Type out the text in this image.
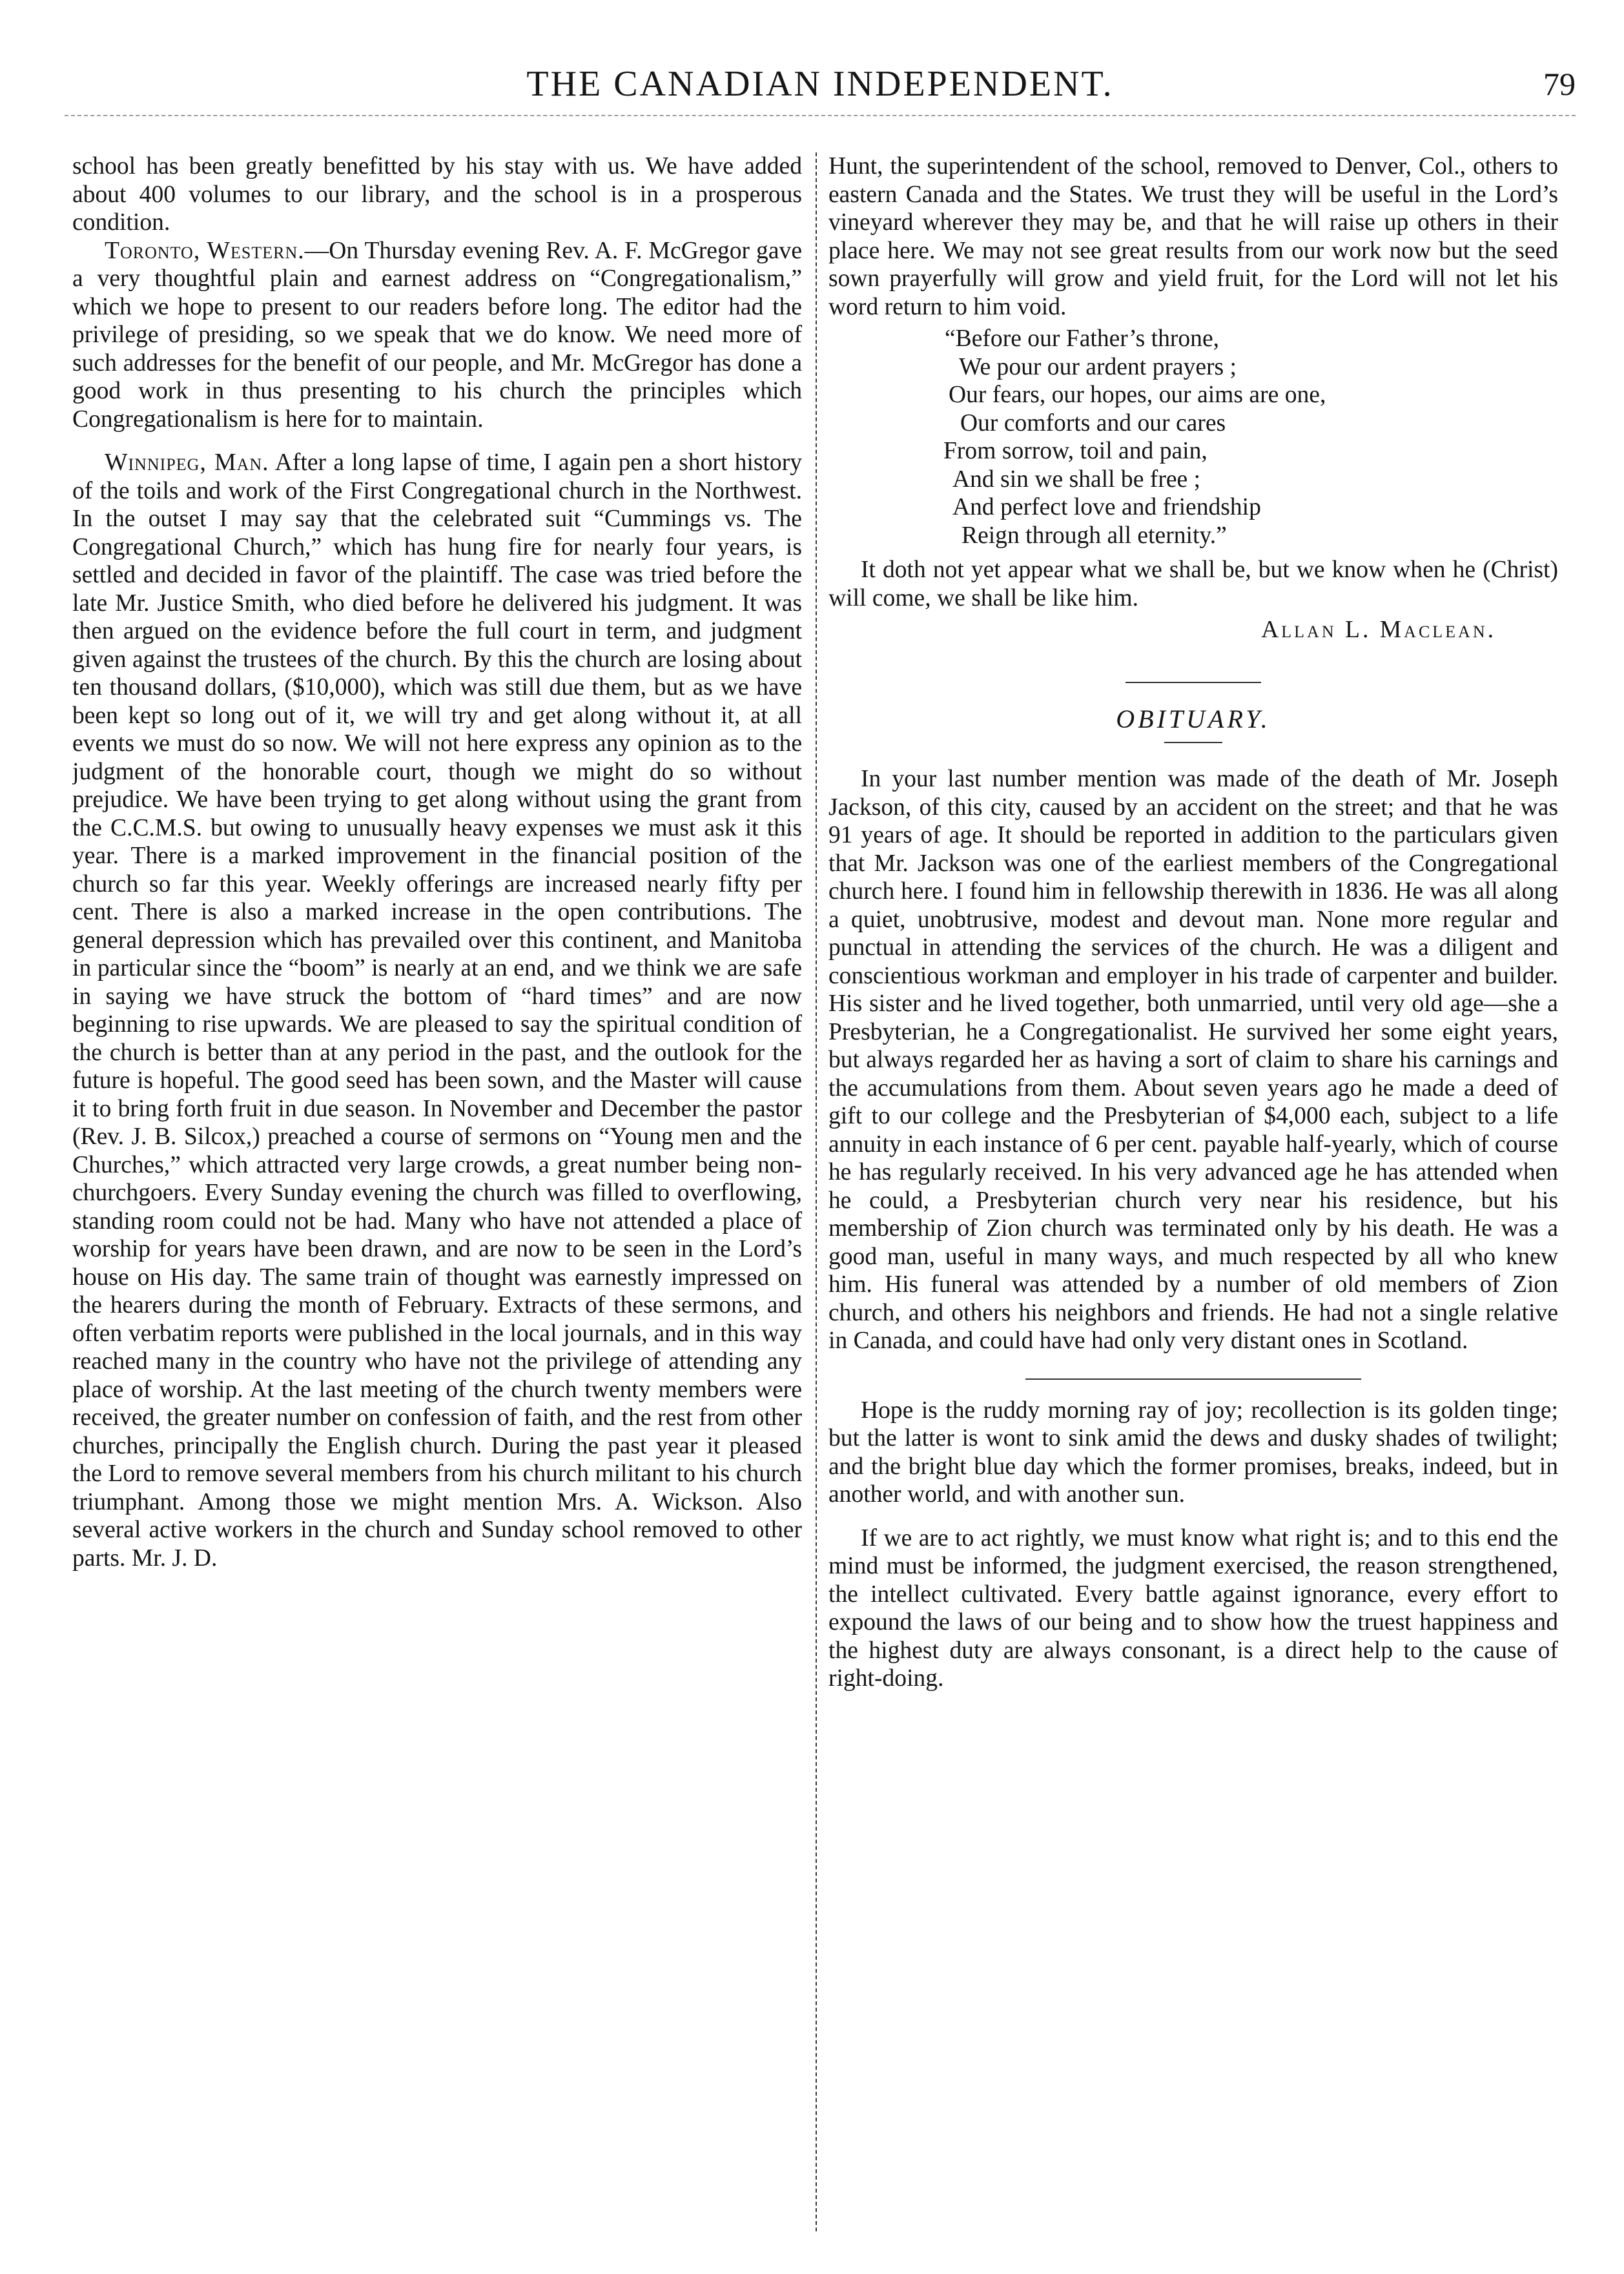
THE CANADIAN INDEPENDENT.	79

school has been greatly benefitted by his stay with us. We have added about 400 volumes to our library, and the school is in a prosperous condition.

Toronto, Western.—On Thursday evening Rev. A. F. McGregor gave a very thoughtful plain and earnest address on “Congregationalism,” which we hope to present to our readers before long. The editor had the privilege of presiding, so we speak that we do know. We need more of such addresses for the benefit of our people, and Mr. McGregor has done a good work in thus presenting to his church the principles which Congregationalism is here for to maintain.

Winnipeg, Man. After a long lapse of time, I again pen a short history of the toils and work of the First Congregational church in the Northwest. In the outset I may say that the celebrated suit “Cummings vs. The Congregational Church,” which has hung fire for nearly four years, is settled and decided in favor of the plaintiff. The case was tried before the late Mr. Justice Smith, who died before he delivered his judgment. It was then argued on the evidence before the full court in term, and judgment given against the trustees of the church. By this the church are losing about ten thousand dollars, ($10,000), which was still due them, but as we have been kept so long out of it, we will try and get along without it, at all events we must do so now. We will not here express any opinion as to the judgment of the honorable court, though we might do so without prejudice. We have been trying to get along without using the grant from the C.C.M.S. but owing to unusually heavy expenses we must ask it this year. There is a marked improvement in the financial position of the church so far this year. Weekly offerings are increased nearly fifty per cent. There is also a marked increase in the open contributions. The general depression which has prevailed over this continent, and Manitoba in particular since the “boom” is nearly at an end, and we think we are safe in saying we have struck the bottom of “hard times” and are now beginning to rise upwards. We are pleased to say the spiritual condition of the church is better than at any period in the past, and the outlook for the future is hopeful. The good seed has been sown, and the Master will cause it to bring forth fruit in due season. In November and December the pastor (Rev. J. B. Silcox,) preached a course of sermons on “Young men and the Churches,” which attracted very large crowds, a great number being non-churchgoers. Every Sunday evening the church was filled to overflowing, standing room could not be had. Many who have not attended a place of worship for years have been drawn, and are now to be seen in the Lord’s house on His day. The same train of thought was earnestly impressed on the hearers during the month of February. Extracts of these sermons, and often verbatim reports were published in the local journals, and in this way reached many in the country who have not the privilege of attending any place of worship. At the last meeting of the church twenty members were received, the greater number on confession of faith, and the rest from other churches, principally the English church. During the past year it pleased the Lord to remove several members from his church militant to his church triumphant. Among those we might mention Mrs. A. Wickson. Also several active workers in the church and Sunday school removed to other parts. Mr. J. D.

Hunt, the superintendent of the school, removed to Denver, Col., others to eastern Canada and the States. We trust they will be useful in the Lord’s vineyard wherever they may be, and that he will raise up others in their place here. We may not see great results from our work now but the seed sown prayerfully will grow and yield fruit, for the Lord will not let his word return to him void.

“Before our Father’s throne,
We pour our ardent prayers ;
Our fears, our hopes, our aims are one,
Our comforts and our cares
From sorrow, toil and pain,
And sin we shall be free ;
And perfect love and friendship
Reign through all eternity.”

It doth not yet appear what we shall be, but we know when he (Christ) will come, we shall be like him.

Allan L. Maclean.

OBITUARY.

In your last number mention was made of the death of Mr. Joseph Jackson, of this city, caused by an accident on the street; and that he was 91 years of age. It should be reported in addition to the particulars given that Mr. Jackson was one of the earliest members of the Congregational church here. I found him in fellowship therewith in 1836. He was all along a quiet, unobtrusive, modest and devout man. None more regular and punctual in attending the services of the church. He was a diligent and conscientious workman and employer in his trade of carpenter and builder. His sister and he lived together, both unmarried, until very old age—she a Presbyterian, he a Congregationalist. He survived her some eight years, but always regarded her as having a sort of claim to share his carnings and the accumulations from them. About seven years ago he made a deed of gift to our college and the Presbyterian of $4,000 each, subject to a life annuity in each instance of 6 per cent. payable half-yearly, which of course he has regularly received. In his very advanced age he has attended when he could, a Presbyterian church very near his residence, but his membership of Zion church was terminated only by his death. He was a good man, useful in many ways, and much respected by all who knew him. His funeral was attended by a number of old members of Zion church, and others his neighbors and friends. He had not a single relative in Canada, and could have had only very distant ones in Scotland.

Hope is the ruddy morning ray of joy; recollection is its golden tinge; but the latter is wont to sink amid the dews and dusky shades of twilight; and the bright blue day which the former promises, breaks, indeed, but in another world, and with another sun.

If we are to act rightly, we must know what right is; and to this end the mind must be informed, the judgment exercised, the reason strengthened, the intellect cultivated. Every battle against ignorance, every effort to expound the laws of our being and to show how the truest happiness and the highest duty are always consonant, is a direct help to the cause of right-doing.
